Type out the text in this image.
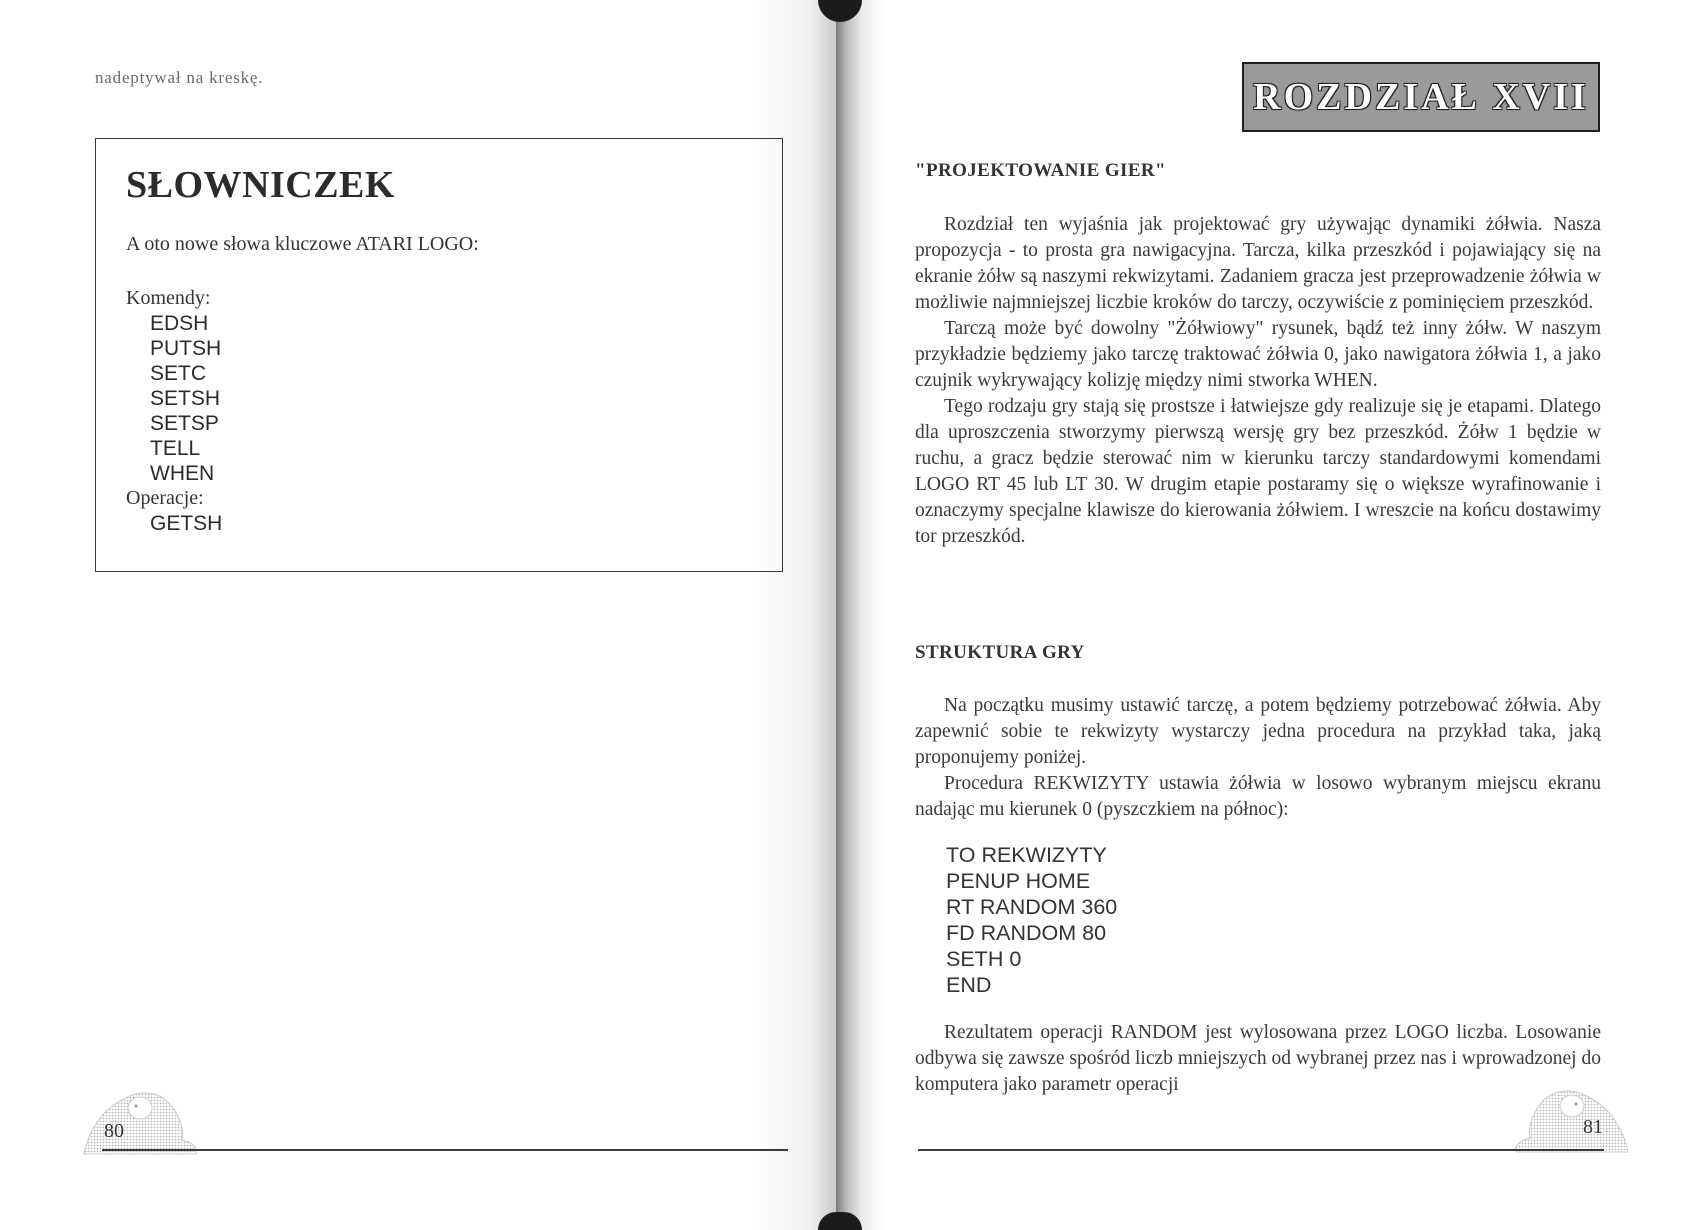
nadeptywał na kreskę.
SŁOWNICZEK
A oto nowe słowa kluczowe ATARI LOGO:
Komendy:
EDSH
PUTSH
SETC
SETSH
SETSP
TELL
WHEN
Operacje:
GETSH
80
ROZDZIAŁ XVII
"PROJEKTOWANIE GIER"

Rozdział ten wyjaśnia jak projektować gry używając dynamiki żółwia. Nasza propozycja - to prosta gra nawigacyjna. Tarcza, kilka przeszkód i pojawiający się na ekranie żółw są naszymi rekwizytami. Zadaniem gracza jest przeprowadzenie żółwia w możliwie najmniejszej liczbie kroków do tarczy, oczywiście z pominięciem przeszkód.

Tarczą może być dowolny "Żółwiowy" rysunek, bądź też inny żółw. W naszym przykładzie będziemy jako tarczę traktować żółwia 0, jako nawigatora żółwia 1, a jako czujnik wykrywający kolizję między nimi stworka WHEN.

Tego rodzaju gry stają się prostsze i łatwiejsze gdy realizuje się je etapami. Dlatego dla uproszczenia stworzymy pierwszą wersję gry bez przeszkód. Żółw 1 będzie w ruchu, a gracz będzie sterować nim w kierunku tarczy standardowymi komendami LOGO RT 45 lub LT 30. W drugim etapie postaramy się o większe wyrafinowanie i oznaczymy specjalne klawisze do kierowania żółwiem. I wreszcie na końcu dostawimy tor przeszkód.

STRUKTURA GRY

Na początku musimy ustawić tarczę, a potem będziemy potrzebować żółwia. Aby zapewnić sobie te rekwizyty wystarczy jedna procedura na przykład taka, jaką proponujemy poniżej.

Procedura REKWIZYTY ustawia żółwia w losowo wybranym miejscu ekranu nadając mu kierunek 0 (pyszczkiem na północ):

TO REKWIZYTY
PENUP HOME
RT RANDOM 360
FD RANDOM 80
SETH 0
END

Rezultatem operacji RANDOM jest wylosowana przez LOGO liczba. Losowanie odbywa się zawsze spośród liczb mniejszych od wybranej przez nas i wprowadzonej do komputera jako parametr operacji

81
